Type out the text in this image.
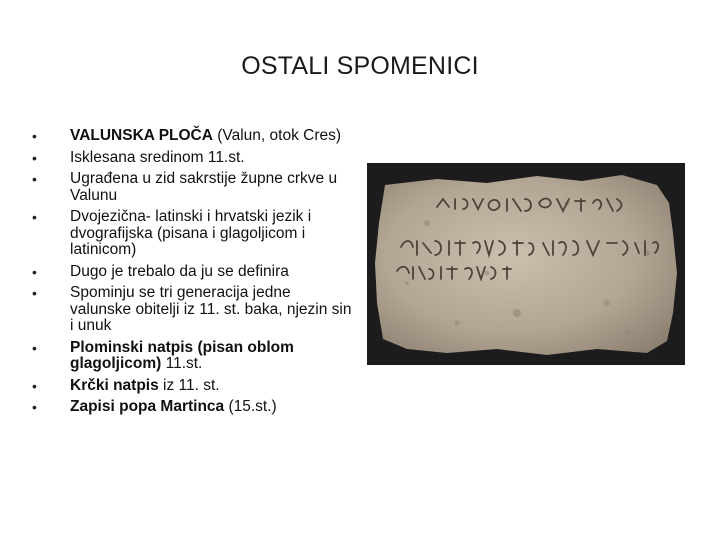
OSTALI SPOMENICI
• VALUNSKA PLOČA (Valun, otok Cres)
• Isklesana sredinom 11.st.
• Ugrađena u zid sakrstije župne crkve u Valunu
• Dvojezična- latinski i hrvatski jezik i dvografijska (pisana i glagoljicom i latinicom)
• Dugo je trebalo da ju se definira
• Spominju se tri generacija jedne valunske obitelji iz 11. st. baka, njezin sin i unuk
• Plominski natpis (pisan oblom glagoljicom) 11.st.
• Krčki natpis iz 11. st.
• Zapisi popa Martinca (15.st.)
